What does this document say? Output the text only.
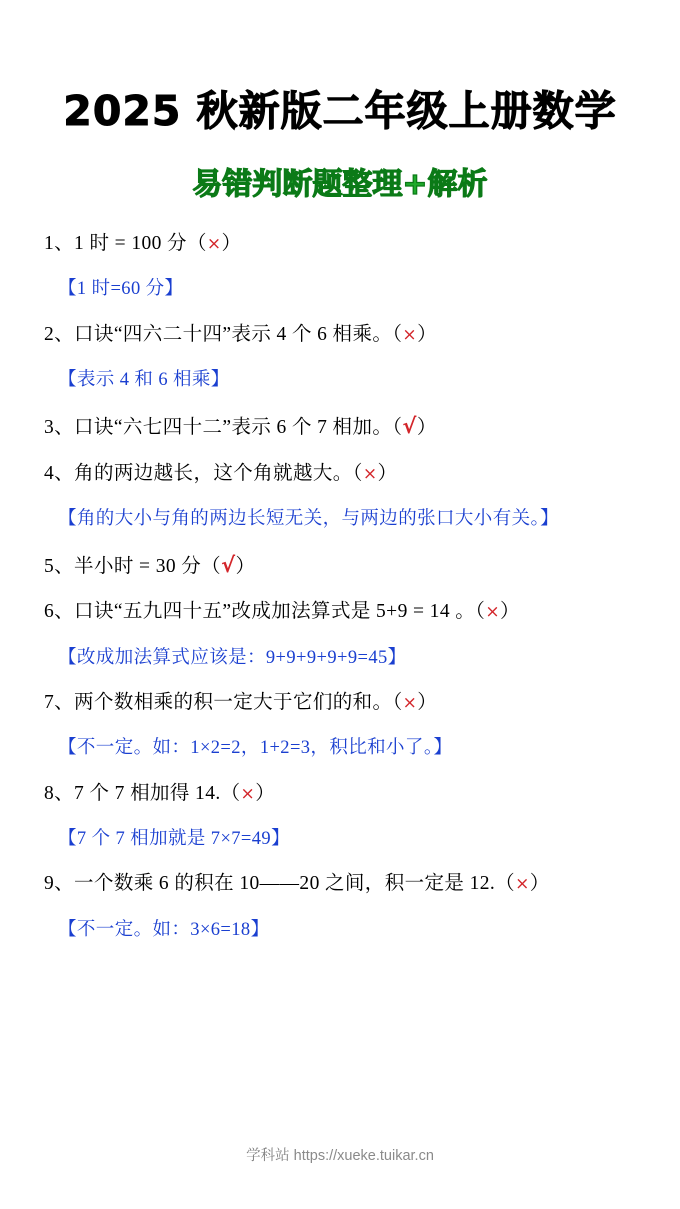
2025 秋新版二年级上册数学
易错判断题整理+解析

1、1 时 = 100 分（×）

【1 时=60 分】

2、口诀“四六二十四”表示 4 个 6 相乘。（×）

【表示 4 和 6 相乘】

3、口诀“六七四十二”表示 6 个 7 相加。（√）

4、角的两边越长，这个角就越大。（×）

【角的大小与角的两边长短无关，与两边的张口大小有关。】

5、半小时 = 30 分（√）

6、口诀“五九四十五”改成加法算式是 5+9 = 14 。（×）

【改成加法算式应该是：9+9+9+9+9=45】

7、两个数相乘的积一定大于它们的和。（×）

【不一定。如：1×2=2，1+2=3，积比和小了。】

8、7 个 7 相加得 14.（×）

【7 个 7 相加就是 7×7=49】

9、一个数乘 6 的积在 10——20 之间，积一定是 12.（×）

【不一定。如：3×6=18】

学科站 https://xueke.tuikar.cn
